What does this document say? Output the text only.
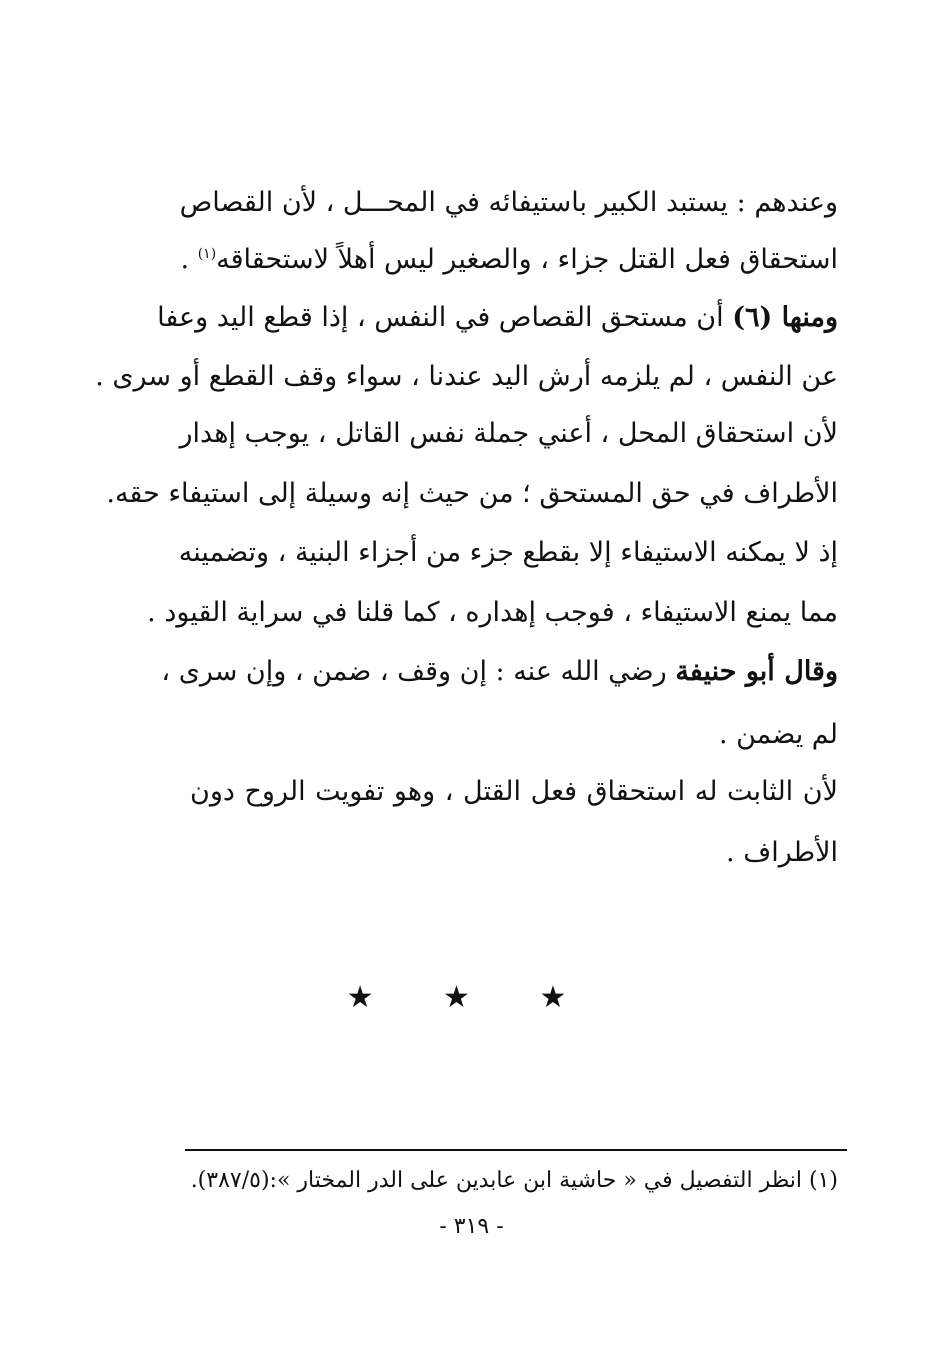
وعندهم : يستبد الكبير باستيفائه في المحـــل ، لأن القصاص
استحقاق فعل القتل جزاء ، والصغير ليس أهلاً لاستحقاقه$^{(١)}$ .
ومنها (٦) أن مستحق القصاص في النفس ، إذا قطع اليد وعفا
عن النفس ، لم يلزمه أرش اليد عندنا ، سواء وقف القطع أو سرى .
لأن استحقاق المحل ، أعني جملة نفس القاتل ، يوجب إهدار
الأطراف في حق المستحق ؛ من حيث إنه وسيلة إلى استيفاء حقه.
إذ لا يمكنه الاستيفاء إلا بقطع جزء من أجزاء البنية ، وتضمينه
مما يمنع الاستيفاء ، فوجب إهداره ، كما قلنا في سراية القيود .
وقال أبو حنيفة رضي الله عنه : إن وقف ، ضمن ، وإن سرى ،
لم يضمن .
لأن الثابت له استحقاق فعل القتل ، وهو تفويت الروح دون
الأطراف .
★ ★ ★
(١) انظر التفصيل في « حاشية ابن عابدين على الدر المختار »:(٣٨٧/٥).
- ٣١٩ -
